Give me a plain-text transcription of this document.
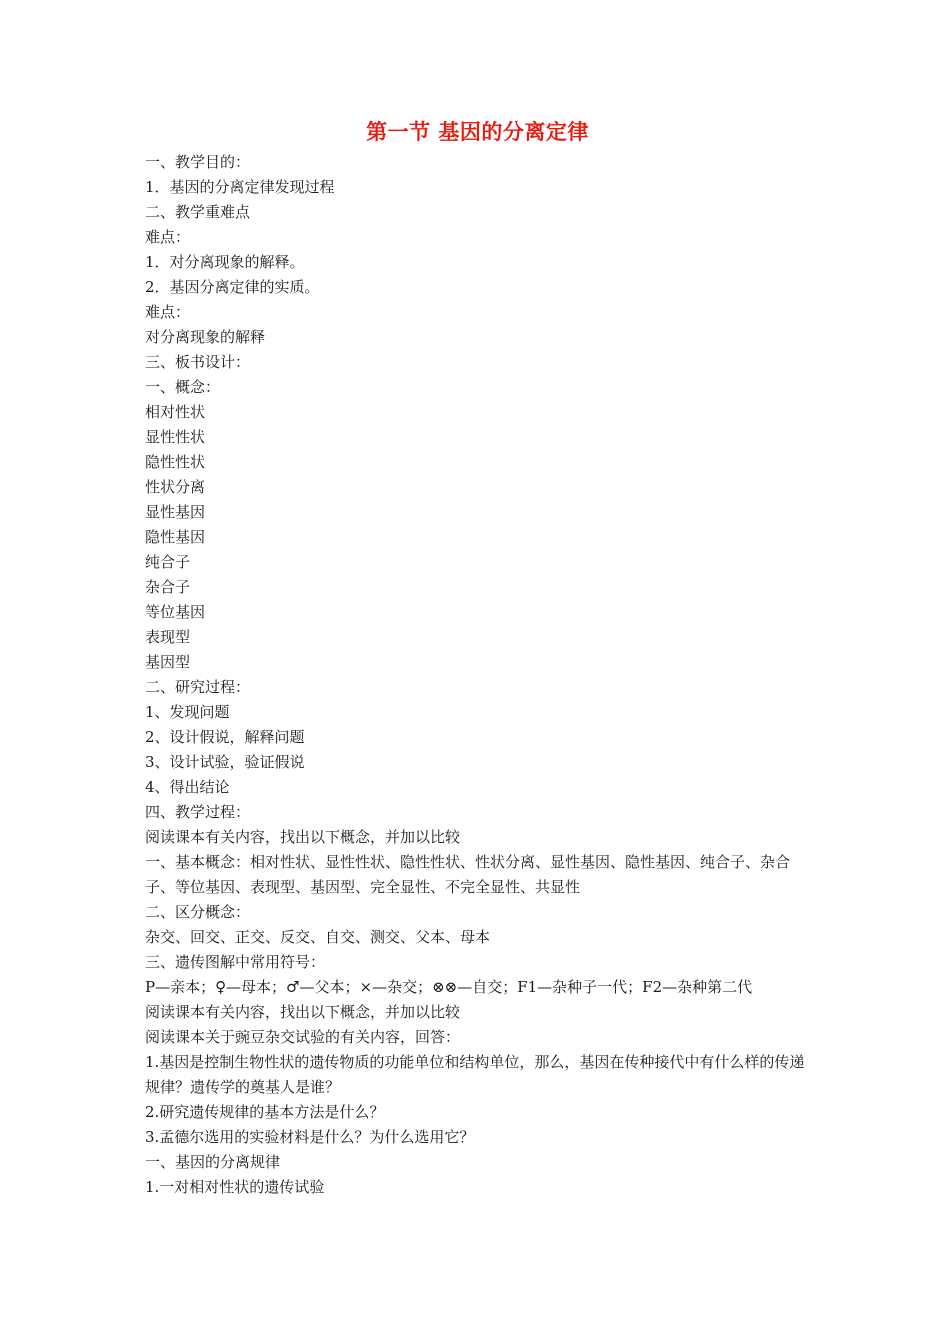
第一节 基因的分离定律

一、教学目的：

1．基因的分离定律发现过程

二、教学重难点

难点：

1．对分离现象的解释。

2．基因分离定律的实质。

难点：

对分离现象的解释

三、板书设计：

一、概念：

相对性状

显性性状

隐性性状

性状分离

显性基因

隐性基因

纯合子

杂合子

等位基因

表现型

基因型

二、研究过程：

1、发现问题

2、设计假说，解释问题

3、设计试验，验证假说

4、得出结论

四、教学过程：

阅读课本有关内容，找出以下概念，并加以比较

一、基本概念：相对性状、显性性状、隐性性状、性状分离、显性基因、隐性基因、纯合子、杂合子、等位基因、表现型、基因型、完全显性、不完全显性、共显性

二、区分概念：

杂交、回交、正交、反交、自交、测交、父本、母本

三、遗传图解中常用符号：

P—亲本；♀—母本；♂—父本；×—杂交；⊗⊗—自交；F1—杂种子一代；F2—杂种第二代

阅读课本有关内容，找出以下概念，并加以比较

阅读课本关于豌豆杂交试验的有关内容，回答：

1.基因是控制生物性状的遗传物质的功能单位和结构单位，那么，基因在传种接代中有什么样的传递规律？遗传学的奠基人是谁？

2.研究遗传规律的基本方法是什么？

3.孟德尔选用的实验材料是什么？为什么选用它？

一、基因的分离规律

1.一对相对性状的遗传试验
